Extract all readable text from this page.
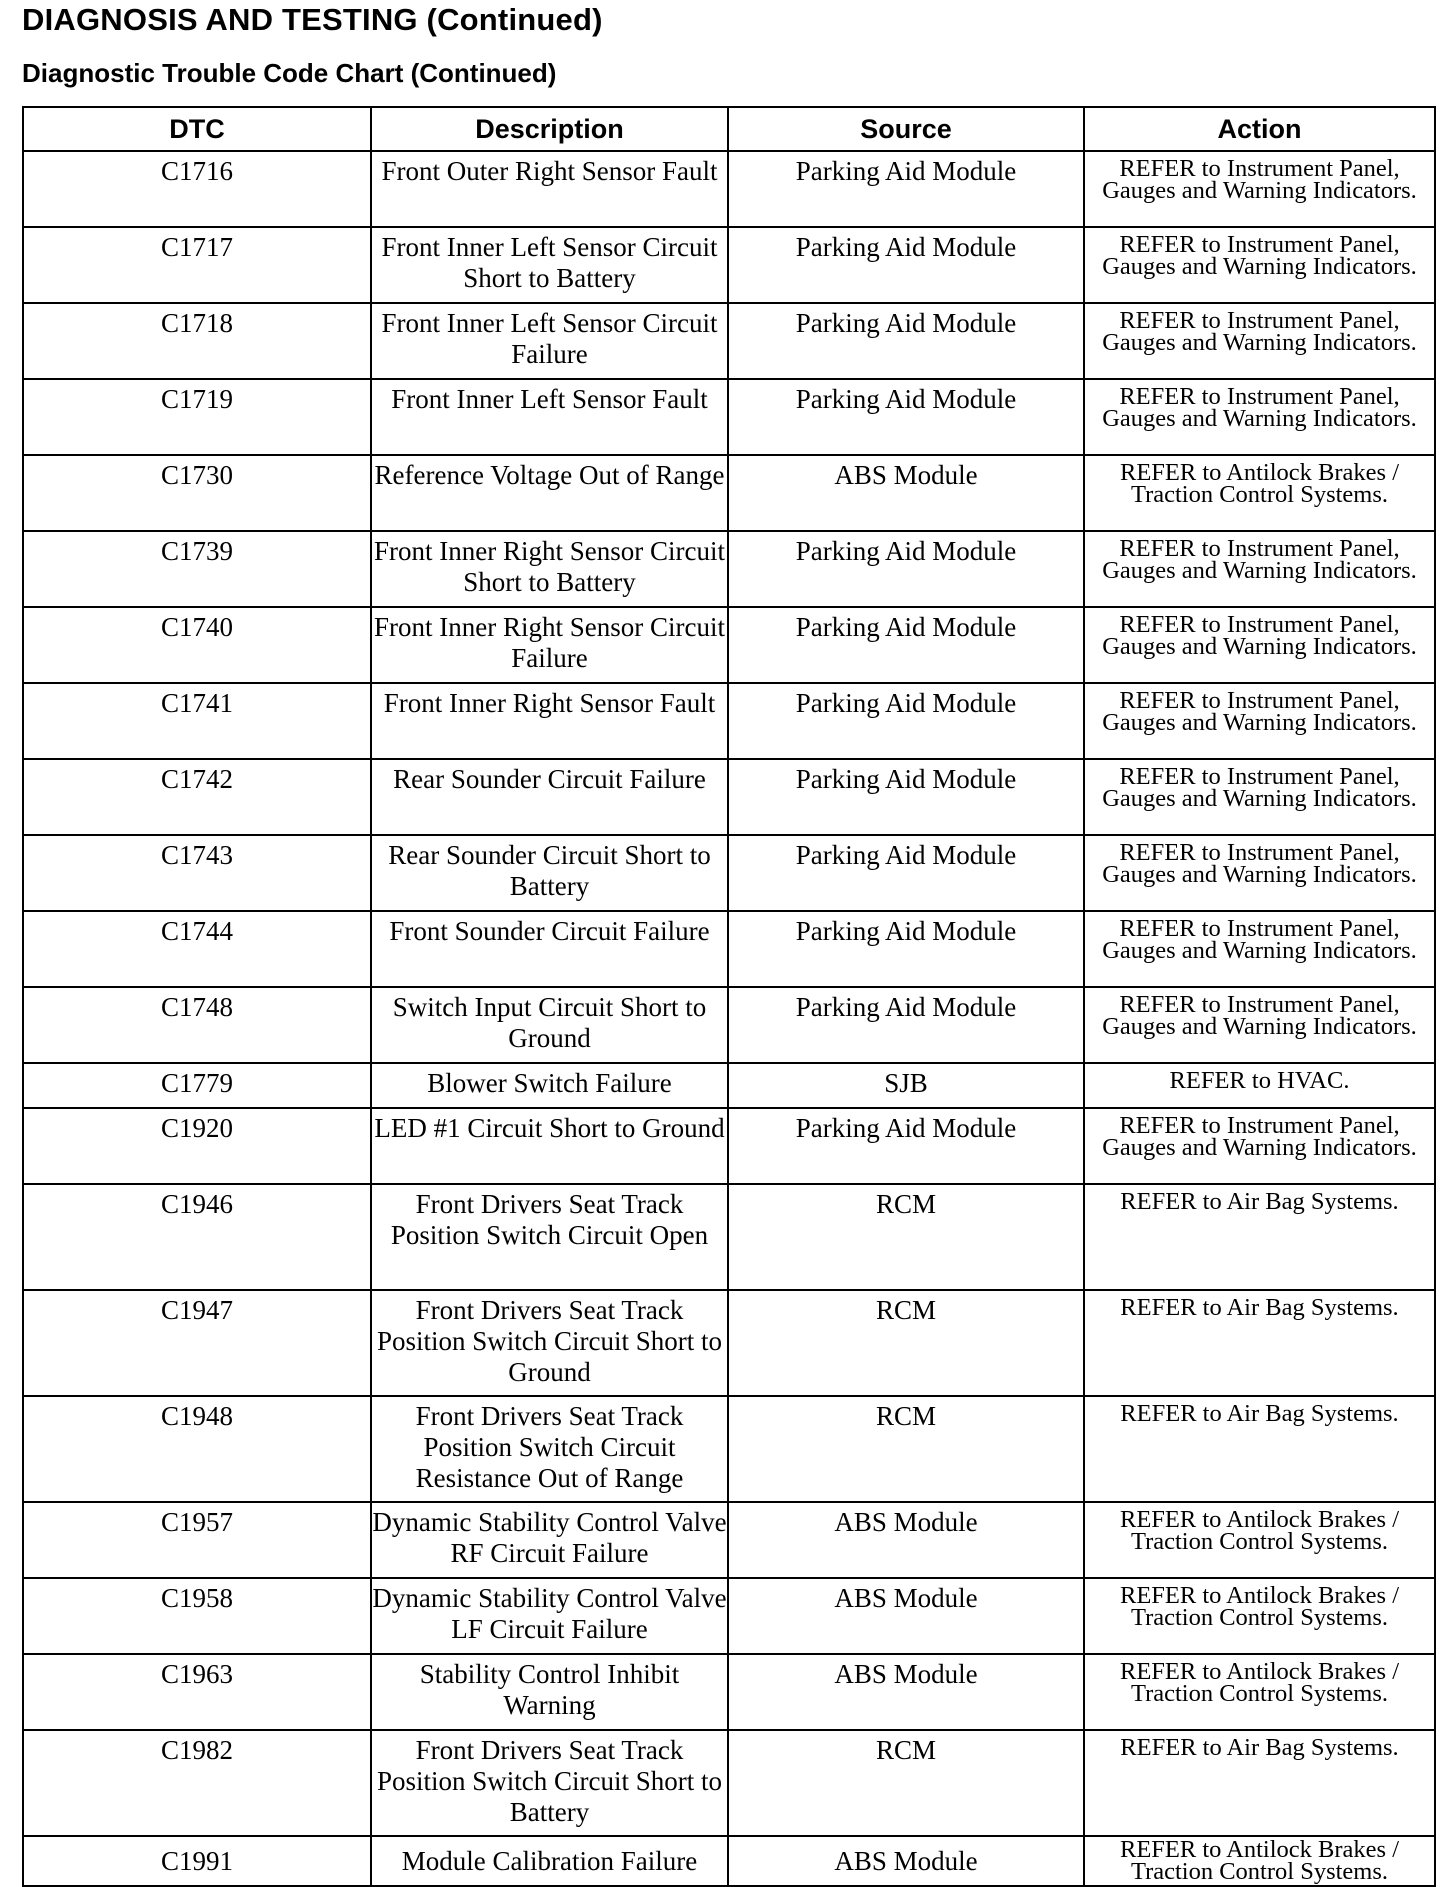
DIAGNOSIS AND TESTING (Continued)
Diagnostic Trouble Code Chart (Continued)
DTC	Description	Source	Action
C1716	Front Outer Right Sensor Fault	Parking Aid Module	REFER to Instrument Panel, Gauges and Warning Indicators.
C1717	Front Inner Left Sensor Circuit Short to Battery	Parking Aid Module	REFER to Instrument Panel, Gauges and Warning Indicators.
C1718	Front Inner Left Sensor Circuit Failure	Parking Aid Module	REFER to Instrument Panel, Gauges and Warning Indicators.
C1719	Front Inner Left Sensor Fault	Parking Aid Module	REFER to Instrument Panel, Gauges and Warning Indicators.
C1730	Reference Voltage Out of Range	ABS Module	REFER to Antilock Brakes / Traction Control Systems.
C1739	Front Inner Right Sensor Circuit Short to Battery	Parking Aid Module	REFER to Instrument Panel, Gauges and Warning Indicators.
C1740	Front Inner Right Sensor Circuit Failure	Parking Aid Module	REFER to Instrument Panel, Gauges and Warning Indicators.
C1741	Front Inner Right Sensor Fault	Parking Aid Module	REFER to Instrument Panel, Gauges and Warning Indicators.
C1742	Rear Sounder Circuit Failure	Parking Aid Module	REFER to Instrument Panel, Gauges and Warning Indicators.
C1743	Rear Sounder Circuit Short to Battery	Parking Aid Module	REFER to Instrument Panel, Gauges and Warning Indicators.
C1744	Front Sounder Circuit Failure	Parking Aid Module	REFER to Instrument Panel, Gauges and Warning Indicators.
C1748	Switch Input Circuit Short to Ground	Parking Aid Module	REFER to Instrument Panel, Gauges and Warning Indicators.
C1779	Blower Switch Failure	SJB	REFER to HVAC.
C1920	LED #1 Circuit Short to Ground	Parking Aid Module	REFER to Instrument Panel, Gauges and Warning Indicators.
C1946	Front Drivers Seat Track Position Switch Circuit Open	RCM	REFER to Air Bag Systems.
C1947	Front Drivers Seat Track Position Switch Circuit Short to Ground	RCM	REFER to Air Bag Systems.
C1948	Front Drivers Seat Track Position Switch Circuit Resistance Out of Range	RCM	REFER to Air Bag Systems.
C1957	Dynamic Stability Control Valve RF Circuit Failure	ABS Module	REFER to Antilock Brakes / Traction Control Systems.
C1958	Dynamic Stability Control Valve LF Circuit Failure	ABS Module	REFER to Antilock Brakes / Traction Control Systems.
C1963	Stability Control Inhibit Warning	ABS Module	REFER to Antilock Brakes / Traction Control Systems.
C1982	Front Drivers Seat Track Position Switch Circuit Short to Battery	RCM	REFER to Air Bag Systems.
C1991	Module Calibration Failure	ABS Module	REFER to Antilock Brakes / Traction Control Systems.
